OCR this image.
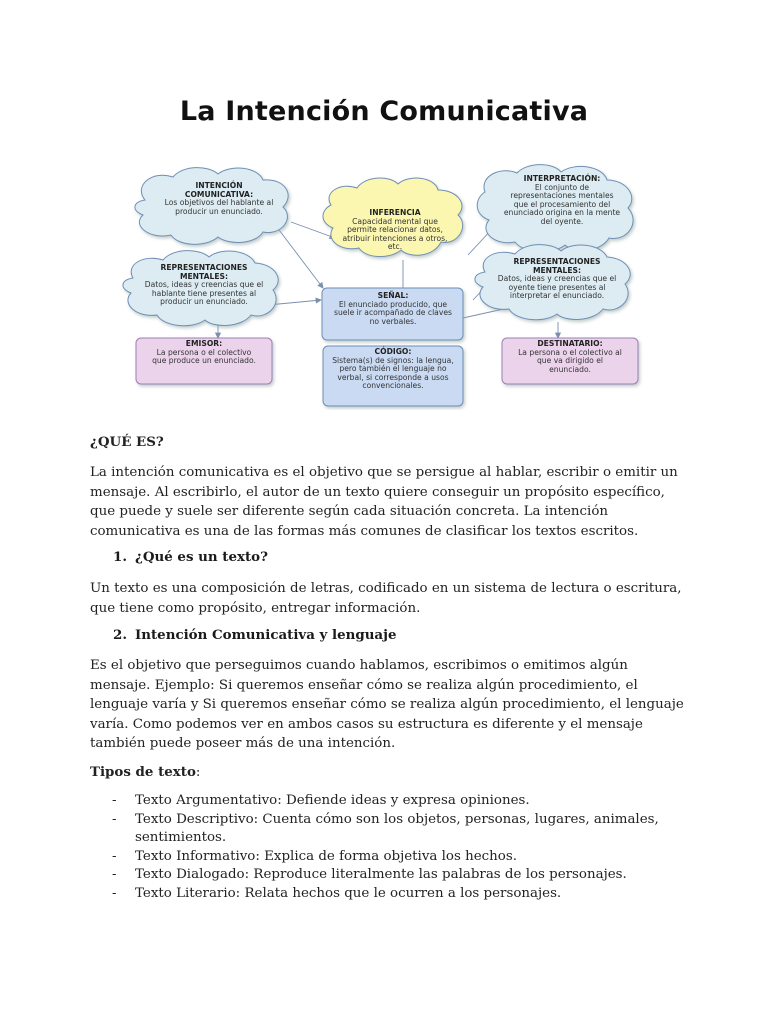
La Intención Comunicativa
INTENCIÓN COMUNICATIVA:
Los objetivos del hablante al producir un enunciado.	INFERENCIA
Capacidad mental que permite relacionar datos, atribuir intenciones a otros, etc.
INTERPRETACIÓN:
El conjunto de representaciones mentales que el procesamiento del enunciado origina en la mente del oyente.
REPRESENTACIONES MENTALES:
Datos, ideas y creencias que el hablante tiene presentes al producir un enunciado.
SEÑAL:
El enunciado producido, que suele ir acompañado de claves no verbales.
REPRESENTACIONES MENTALES:
Datos, ideas y creencias que el oyente tiene presentes al interpretar el enunciado.
EMISOR:
La persona o el colectivo que produce un enunciado.
CÓDIGO:
Sistema(s) de signos: la lengua, pero también el lenguaje no verbal, si corresponde a usos convencionales.
DESTINATARIO:
La persona o el colectivo al que va dirigido el enunciado.
¿QUÉ ES?

La intención comunicativa es el objetivo que se persigue al hablar, escribir o emitir un mensaje. Al escribirlo, el autor de un texto quiere conseguir un propósito específico, que puede y suele ser diferente según cada situación concreta. La intención comunicativa es una de las formas más comunes de clasificar los textos escritos.

1. ¿Qué es un texto?

Un texto es una composición de letras, codificado en un sistema de lectura o escritura, que tiene como propósito, entregar información.

2. Intención Comunicativa y lenguaje

Es el objetivo que perseguimos cuando hablamos, escribimos o emitimos algún mensaje. Ejemplo: Si queremos enseñar cómo se realiza algún procedimiento, el lenguaje varía y Si queremos enseñar cómo se realiza algún procedimiento, el lenguaje varía. Como podemos ver en ambos casos su estructura es diferente y el mensaje también puede poseer más de una intención.

Tipos de texto:
- Texto Argumentativo: Defiende ideas y expresa opiniones.
- Texto Descriptivo: Cuenta cómo son los objetos, personas, lugares, animales, sentimientos.
- Texto Informativo: Explica de forma objetiva los hechos.
- Texto Dialogado: Reproduce literalmente las palabras de los personajes.
- Texto Literario: Relata hechos que le ocurren a los personajes.
